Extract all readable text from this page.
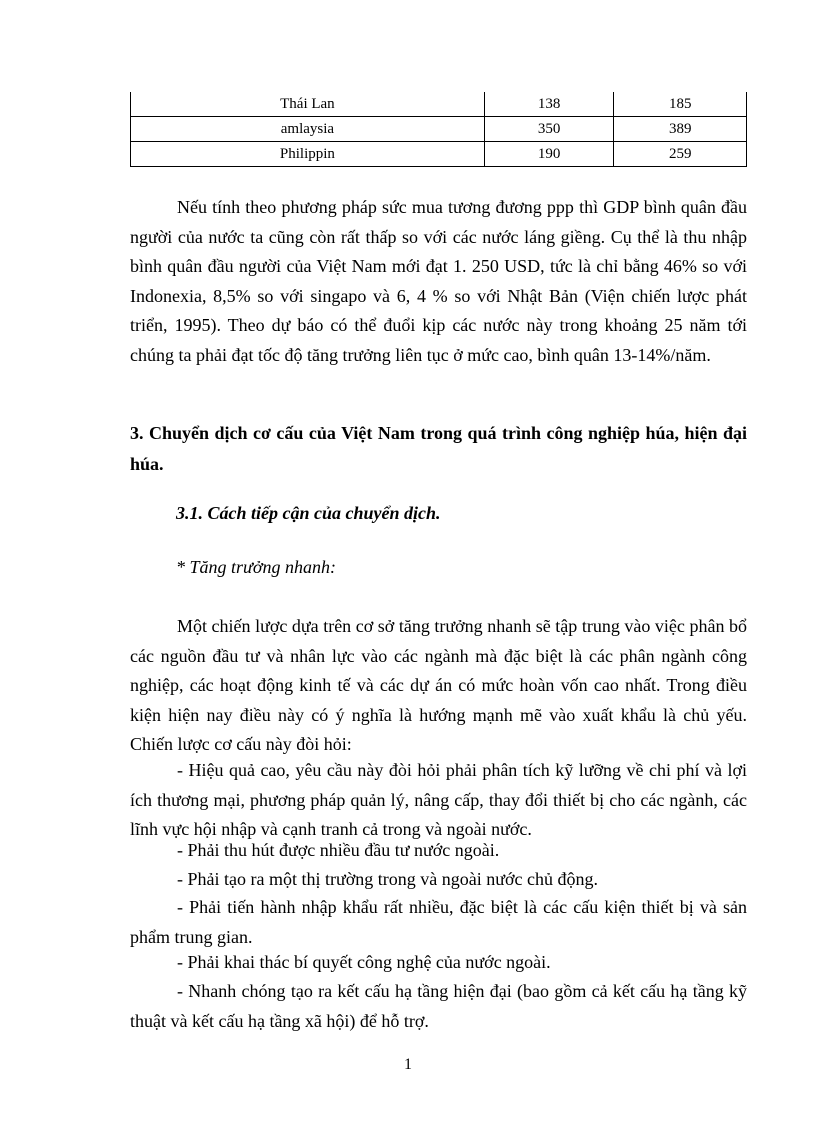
Thái Lan	138	185
amlaysia	350	389
Philippin	190	259

Nếu tính theo phương pháp sức mua tương đương ppp thì GDP bình quân đầu người của nước ta cũng còn rất thấp so với các nước láng giềng. Cụ thể là thu nhập bình quân đầu người của Việt Nam mới đạt 1. 250 USD, tức là chỉ bằng 46% so với Indonexia, 8,5% so với singapo và 6, 4 % so với Nhật Bản (Viện chiến lược phát triển, 1995). Theo dự báo có thể đuổi kịp các nước này trong khoảng 25 năm tới chúng ta phải đạt tốc độ tăng trưởng liên tục ở mức cao, bình quân 13-14%/năm.

3. Chuyển dịch cơ cấu của Việt Nam trong quá trình công nghiệp húa, hiện đại húa.

3.1. Cách tiếp cận của chuyển dịch.

* Tăng trưởng nhanh:

Một chiến lược dựa trên cơ sở tăng trưởng nhanh sẽ tập trung vào việc phân bổ các nguồn đầu tư và nhân lực vào các ngành mà đặc biệt là các phân ngành công nghiệp, các hoạt động kinh tế và các dự án có mức hoàn vốn cao nhất. Trong điều kiện hiện nay điều này có ý nghĩa là hướng mạnh mẽ vào xuất khẩu là chủ yếu. Chiến lược cơ cấu này đòi hỏi:

- Hiệu quả cao, yêu cầu này đòi hỏi phải phân tích kỹ lưỡng về chi phí và lợi ích thương mại, phương pháp quản lý, nâng cấp, thay đổi thiết bị cho các ngành, các lĩnh vực hội nhập và cạnh tranh cả trong và ngoài nước.

- Phải thu hút được nhiều đầu tư nước ngoài.

- Phải tạo ra một thị trường trong và ngoài nước chủ động.

- Phải tiến hành nhập khẩu rất nhiều, đặc biệt là các cấu kiện thiết bị và sản phẩm trung gian.

- Phải khai thác bí quyết công nghệ của nước ngoài.

- Nhanh chóng tạo ra kết cấu hạ tầng hiện đại (bao gồm cả kết cấu hạ tầng kỹ thuật và kết cấu hạ tầng xã hội) để hỗ trợ.

1
